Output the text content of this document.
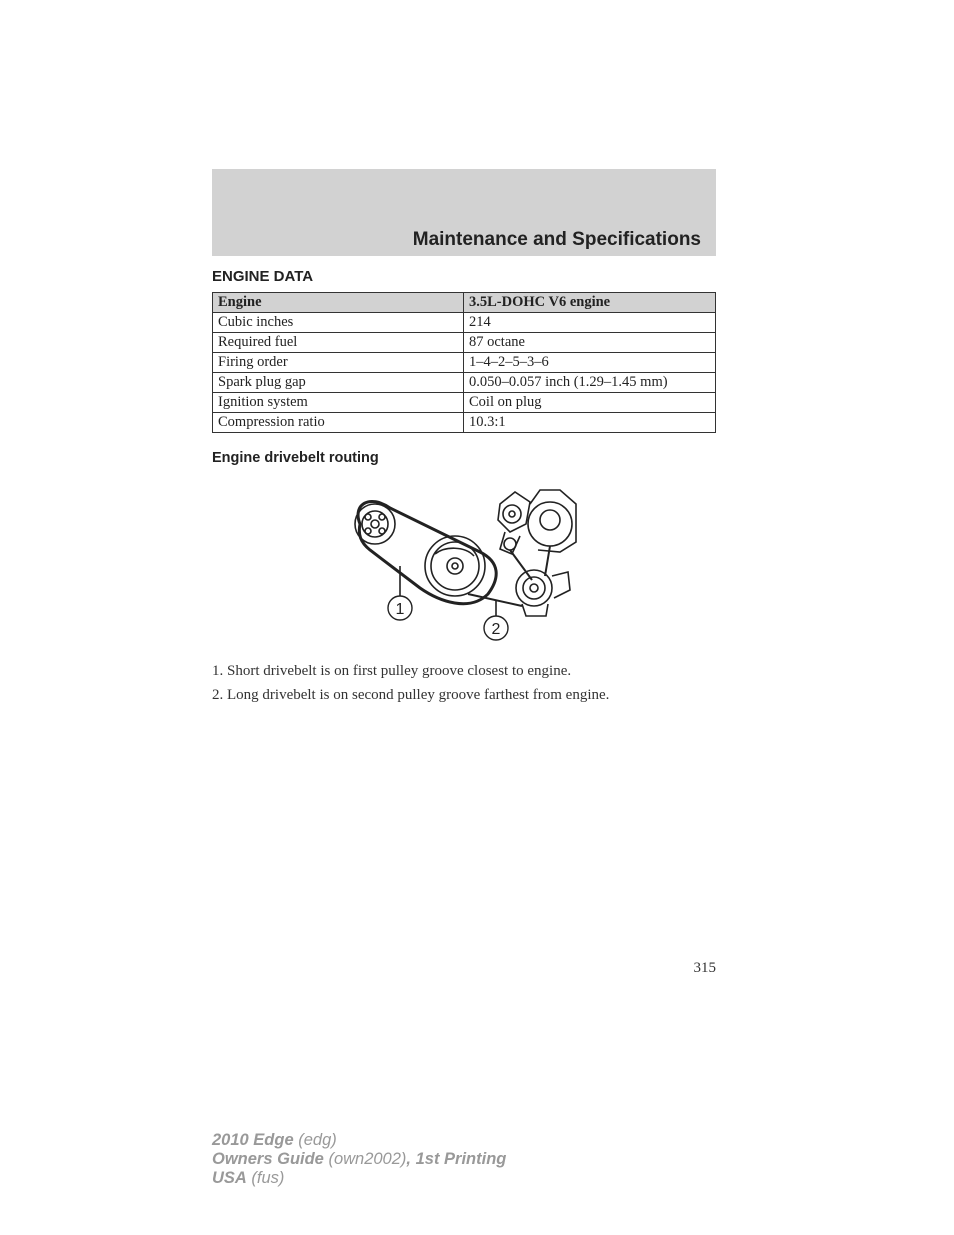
Maintenance and Specifications
ENGINE DATA
Engine	3.5L-DOHC V6 engine
Cubic inches	214
Required fuel	87 octane
Firing order	1–4–2–5–3–6
Spark plug gap	0.050–0.057 inch (1.29–1.45 mm)
Ignition system	Coil on plug
Compression ratio	10.3:1
Engine drivebelt routing
1
2
1. Short drivebelt is on first pulley groove closest to engine.
2. Long drivebelt is on second pulley groove farthest from engine.
315
2010 Edge (edg)
Owners Guide (own2002), 1st Printing
USA (fus)
